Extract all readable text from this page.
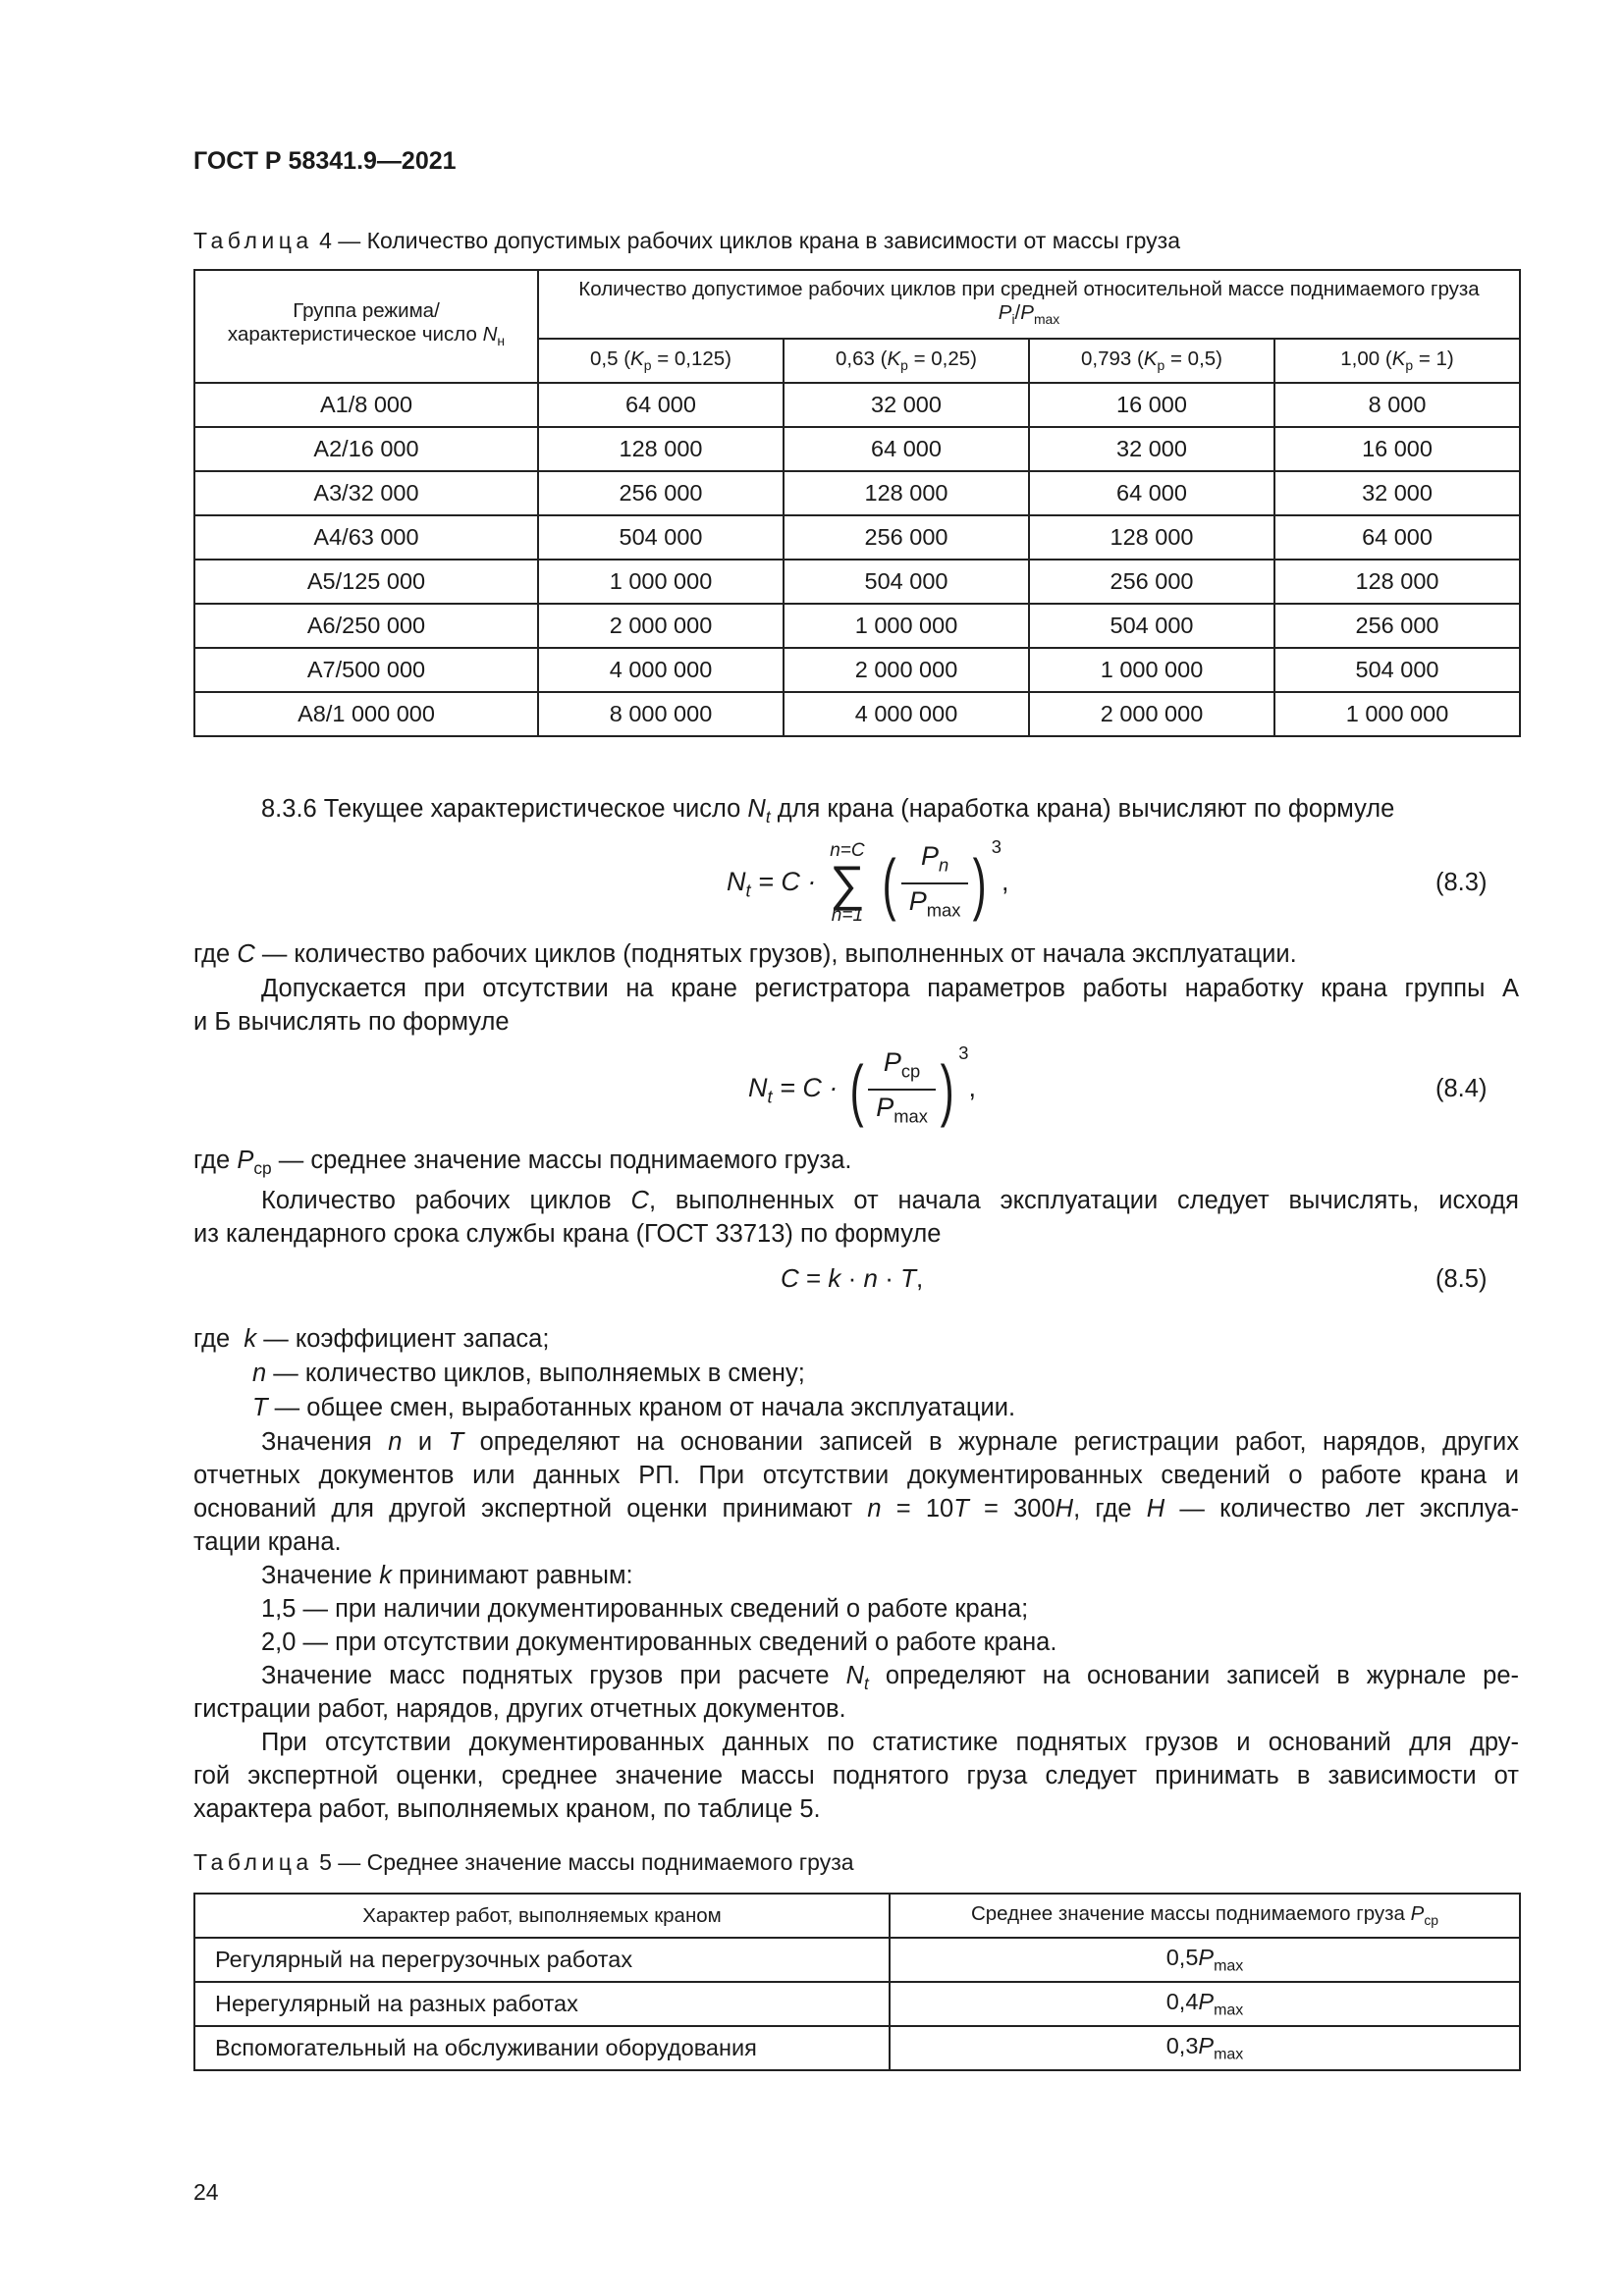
ГОСТ Р 58341.9—2021
Таблица 4 — Количество допустимых рабочих циклов крана в зависимости от массы груза
Группа режима/ характеристическое число $N_н$	Количество допустимое рабочих циклов при средней относительной массе поднимаемого груза $P_i/P_{max}$
	0,5 $(K_р = 0,125)$	0,63 $(K_р = 0,25)$	0,793 $(K_р = 0,5)$	1,00 $(K_р = 1)$
A1/8 000	64 000	32 000	16 000	8 000
A2/16 000	128 000	64 000	32 000	16 000
A3/32 000	256 000	128 000	64 000	32 000
A4/63 000	504 000	256 000	128 000	64 000
A5/125 000	1 000 000	504 000	256 000	128 000
A6/250 000	2 000 000	1 000 000	504 000	256 000
A7/500 000	4 000 000	2 000 000	1 000 000	504 000
A8/1 000 000	8 000 000	4 000 000	2 000 000	1 000 000
8.3.6 Текущее характеристическое число $N_t$ для крана (наработка крана) вычисляют по формуле
$N_t = C$ ·
n=C
∑
n=1 ( $\frac{P_n}{P_{max}}$ ) $^3$,	(8.3)
где C — количество рабочих циклов (поднятых грузов), выполненных от начала эксплуатации.
Допускается при отсутствии на кране регистратора параметров работы наработку крана группы А
и Б вычислять по формуле
$N_t = C$ · ( $\frac{P_{ср}}{P_{max}}$ ) $^3$,	(8.4)
где $P_{ср}$ — среднее значение массы поднимаемого груза.
Количество рабочих циклов C, выполненных от начала эксплуатации следует вычислять, исходя
из календарного срока службы крана (ГОСТ 33713) по формуле
C = k · n · T,	(8.5)
где k — коэффициент запаса;
n — количество циклов, выполняемых в смену;
T — общее смен, выработанных краном от начала эксплуатации.
Значения n и T определяют на основании записей в журнале регистрации работ, нарядов, других
отчетных документов или данных РП. При отсутствии документированных сведений о работе крана и
оснований для другой экспертной оценки принимают n = 10T = 300H, где H — количество лет эксплуа-
тации крана.
Значение k принимают равным:
1,5 — при наличии документированных сведений о работе крана;
2,0 — при отсутствии документированных сведений о работе крана.
Значение масс поднятых грузов при расчете $N_t$ определяют на основании записей в журнале ре-
гистрации работ, нарядов, других отчетных документов.
При отсутствии документированных данных по статистике поднятых грузов и оснований для дру-
гой экспертной оценки, среднее значение массы поднятого груза следует принимать в зависимости от
характера работ, выполняемых краном, по таблице 5.
Таблица 5 — Среднее значение массы поднимаемого груза
Характер работ, выполняемых краном	Среднее значение массы поднимаемого груза $P_{ср}$
Регулярный на перегрузочных работах	$0,5P_{max}$
Нерегулярный на разных работах	$0,4P_{max}$
Вспомогательный на обслуживании оборудования	$0,3P_{max}$
24
